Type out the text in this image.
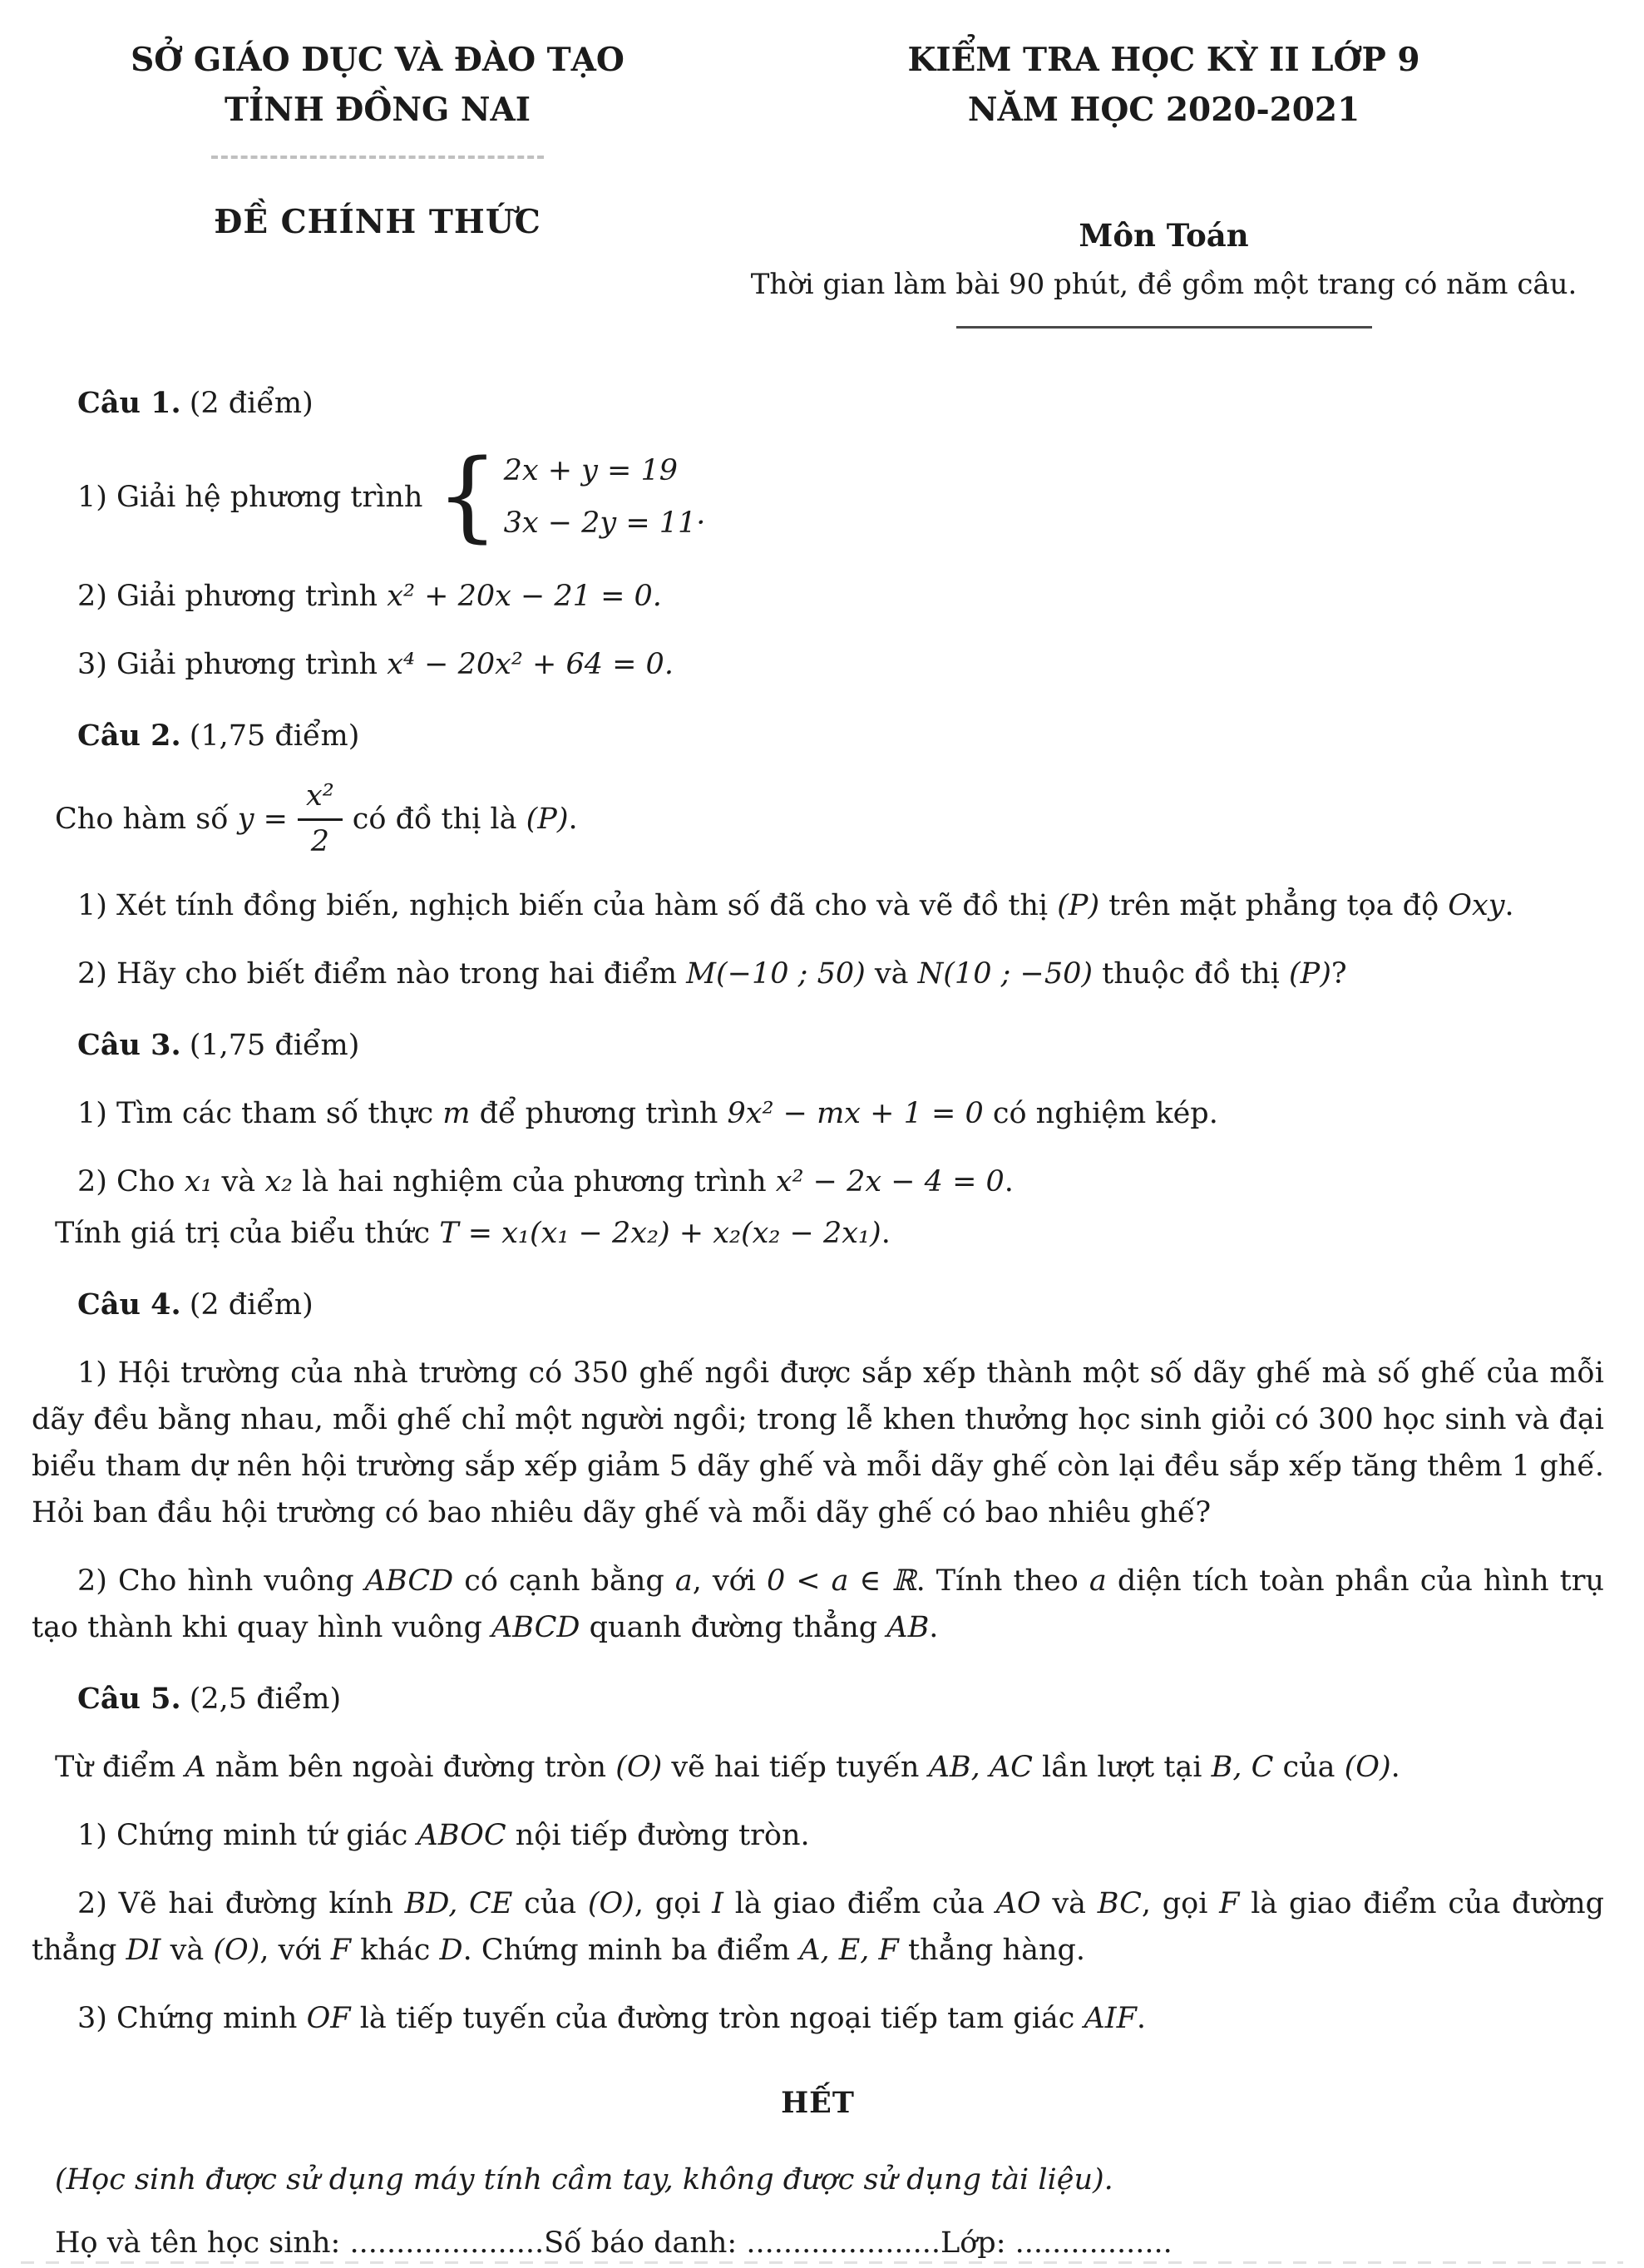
SỞ GIÁO DỤC VÀ ĐÀO TẠO
TỈNH ĐỒNG NAI
ĐỀ CHÍNH THỨC
KIỂM TRA HỌC KỲ II LỚP 9
NĂM HỌC 2020-2021
Môn Toán
Thời gian làm bài 90 phút, đề gồm một trang có năm câu.
Câu 1. (2 điểm)
1) Giải hệ phương trình { 2x + y = 19
3x − 2y = 11·
2) Giải phương trình x² + 20x − 21 = 0.
3) Giải phương trình x⁴ − 20x² + 64 = 0.
Câu 2. (1,75 điểm)
Cho hàm số $y = \frac{\text{x²}}{2}$ có đồ thị là (P).
1) Xét tính đồng biến, nghịch biến của hàm số đã cho và vẽ đồ thị (P) trên mặt phẳng tọa độ Oxy.
2) Hãy cho biết điểm nào trong hai điểm M(−10 ; 50) và N(10 ; −50) thuộc đồ thị (P)?
Câu 3. (1,75 điểm)
1) Tìm các tham số thực m để phương trình 9x² − mx + 1 = 0 có nghiệm kép.
2) Cho x₁ và x₂ là hai nghiệm của phương trình x² − 2x − 4 = 0.
Tính giá trị của biểu thức T = x₁(x₁ − 2x₂) + x₂(x₂ − 2x₁).
Câu 4. (2 điểm)
1) Hội trường của nhà trường có 350 ghế ngồi được sắp xếp thành một số dãy ghế mà số ghế của mỗi dãy đều bằng nhau, mỗi ghế chỉ một người ngồi; trong lễ khen thưởng học sinh giỏi có 300 học sinh và đại biểu tham dự nên hội trường sắp xếp giảm 5 dãy ghế và mỗi dãy ghế còn lại đều sắp xếp tăng thêm 1 ghế. Hỏi ban đầu hội trường có bao nhiêu dãy ghế và mỗi dãy ghế có bao nhiêu ghế?
2) Cho hình vuông ABCD có cạnh bằng a, với 0 < a ∈ ℝ. Tính theo a diện tích toàn phần của hình trụ tạo thành khi quay hình vuông ABCD quanh đường thẳng AB.
Câu 5. (2,5 điểm)
Từ điểm A nằm bên ngoài đường tròn (O) vẽ hai tiếp tuyến AB, AC lần lượt tại B, C của (O).
1) Chứng minh tứ giác ABOC nội tiếp đường tròn.
2) Vẽ hai đường kính BD, CE của (O), gọi I là giao điểm của AO và BC, gọi F là giao điểm của đường thẳng DI và (O), với F khác D. Chứng minh ba điểm A, E, F thẳng hàng.
3) Chứng minh OF là tiếp tuyến của đường tròn ngoại tiếp tam giác AIF.
HẾT
(Học sinh được sử dụng máy tính cầm tay, không được sử dụng tài liệu).
Họ và tên học sinh: .....................Số báo danh: .....................Lớp: .................
